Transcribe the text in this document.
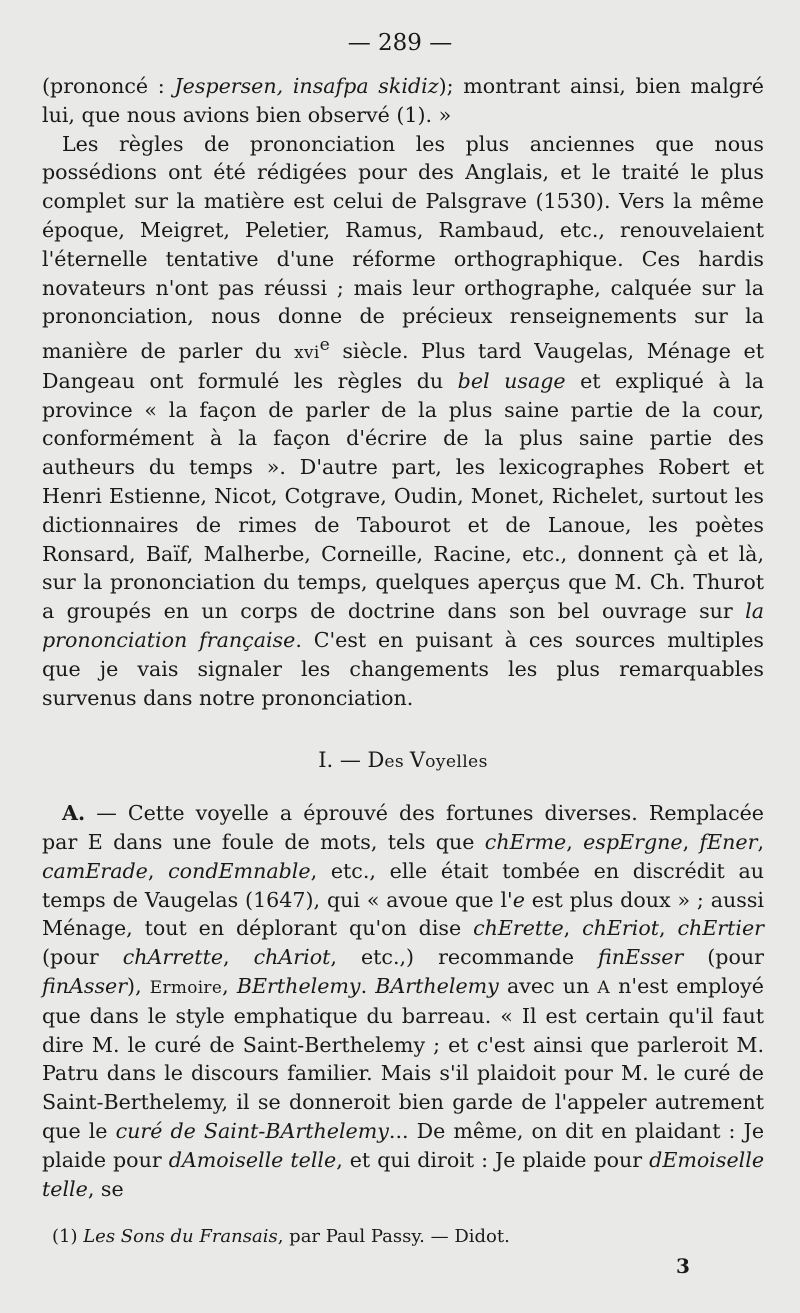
— 289 —

(prononcé : Jespersen, insafpa skidiz); montrant ainsi, bien malgré lui, que nous avions bien observé (1). »

Les règles de prononciation les plus anciennes que nous possédions ont été rédigées pour des Anglais, et le traité le plus complet sur la matière est celui de Palsgrave (1530). Vers la même époque, Meigret, Peletier, Ramus, Rambaud, etc., renouvelaient l'éternelle tentative d'une réforme orthographique. Ces hardis novateurs n'ont pas réussi ; mais leur orthographe, calquée sur la prononciation, nous donne de précieux renseignements sur la manière de parler du xvi$^e$ siècle. Plus tard Vaugelas, Ménage et Dangeau ont formulé les règles du bel usage et expliqué à la province « la façon de parler de la plus saine partie de la cour, conformément à la façon d'écrire de la plus saine partie des autheurs du temps ». D'autre part, les lexicographes Robert et Henri Estienne, Nicot, Cotgrave, Oudin, Monet, Richelet, surtout les dictionnaires de rimes de Tabourot et de Lanoue, les poètes Ronsard, Baïf, Malherbe, Corneille, Racine, etc., donnent çà et là, sur la prononciation du temps, quelques aperçus que M. Ch. Thurot a groupés en un corps de doctrine dans son bel ouvrage sur la prononciation française. C'est en puisant à ces sources multiples que je vais signaler les changements les plus remarquables survenus dans notre prononciation.

I. — Des Voyelles

A. — Cette voyelle a éprouvé des fortunes diverses. Remplacée par E dans une foule de mots, tels que chErme, espErgne, fEner, camErade, condEmnable, etc., elle était tombée en discrédit au temps de Vaugelas (1647), qui « avoue que l'e est plus doux » ; aussi Ménage, tout en déplorant qu'on dise chErette, chEriot, chErtier (pour chArrette, chAriot, etc.,) recommande finEsser (pour finAsser), Ermoire, BErthelemy. BArthelemy avec un A n'est employé que dans le style emphatique du barreau. « Il est certain qu'il faut dire M. le curé de Saint-Berthelemy ; et c'est ainsi que parleroit M. Patru dans le discours familier. Mais s'il plaidoit pour M. le curé de Saint-Berthelemy, il se donneroit bien garde de l'appeler autrement que le curé de Saint-BArthelemy... De même, on dit en plaidant : Je plaide pour dAmoiselle telle, et qui diroit : Je plaide pour dEmoiselle telle, se

(1) Les Sons du Fransais, par Paul Passy. — Didot.
3
